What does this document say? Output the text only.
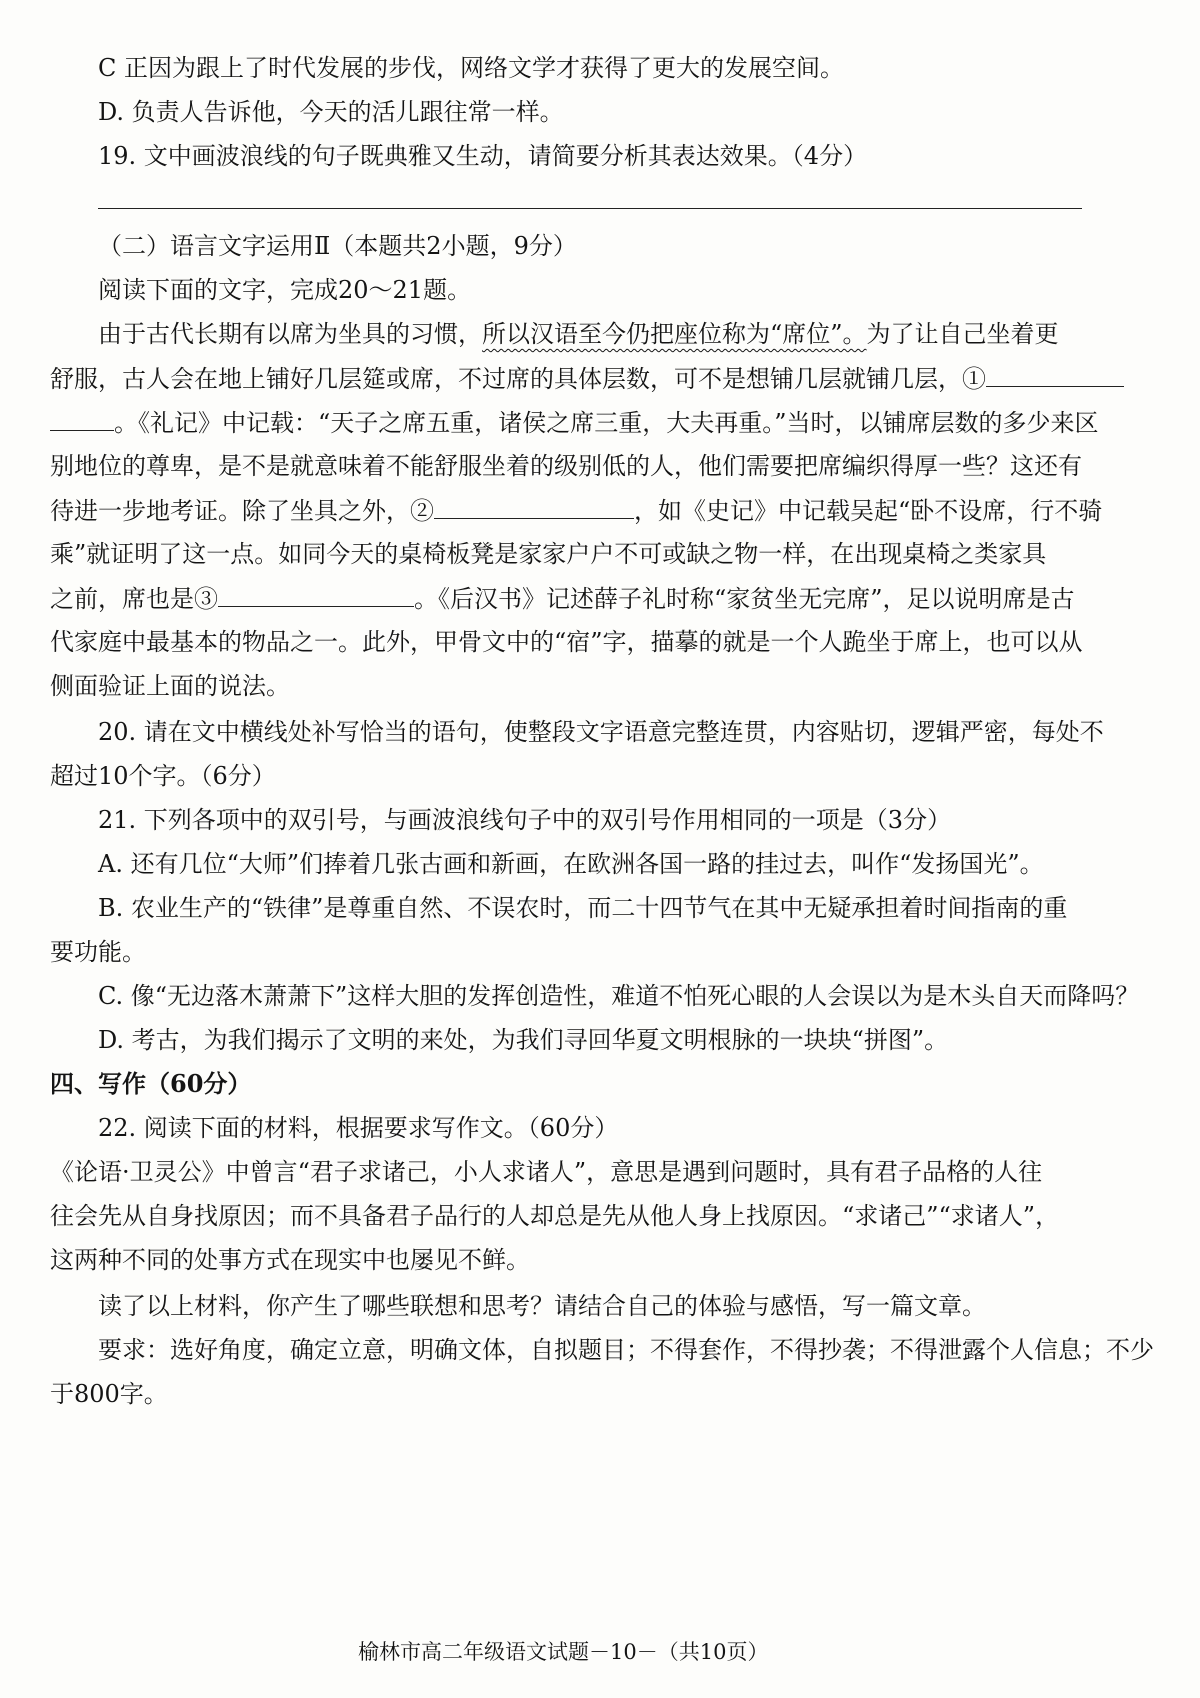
C 正因为跟上了时代发展的步伐，网络文学才获得了更大的发展空间。
D. 负责人告诉他，今天的活儿跟往常一样。
19. 文中画波浪线的句子既典雅又生动，请简要分析其表达效果。（4分）
（二）语言文字运用Ⅱ（本题共2小题，9分）
阅读下面的文字，完成20～21题。
由于古代长期有以席为坐具的习惯，所以汉语至今仍把座位称为“席位”。为了让自己坐着更
舒服，古人会在地上铺好几层筵或席，不过席的具体层数，可不是想铺几层就铺几层，①
。《礼记》中记载：“天子之席五重，诸侯之席三重，大夫再重。”当时，以铺席层数的多少来区
别地位的尊卑，是不是就意味着不能舒服坐着的级别低的人，他们需要把席编织得厚一些？这还有
待进一步地考证。除了坐具之外，②	，如《史记》中记载吴起“卧不设席，行不骑
乘”就证明了这一点。如同今天的桌椅板凳是家家户户不可或缺之物一样，在出现桌椅之类家具
之前，席也是③	。《后汉书》记述薛子礼时称“家贫坐无完席”，足以说明席是古
代家庭中最基本的物品之一。此外，甲骨文中的“宿”字，描摹的就是一个人跪坐于席上，也可以从
侧面验证上面的说法。
20. 请在文中横线处补写恰当的语句，使整段文字语意完整连贯，内容贴切，逻辑严密，每处不
超过10个字。（6分）
21. 下列各项中的双引号，与画波浪线句子中的双引号作用相同的一项是（3分）
A. 还有几位“大师”们捧着几张古画和新画，在欧洲各国一路的挂过去，叫作“发扬国光”。
B. 农业生产的“铁律”是尊重自然、不误农时，而二十四节气在其中无疑承担着时间指南的重
要功能。
C. 像“无边落木萧萧下”这样大胆的发挥创造性，难道不怕死心眼的人会误以为是木头自天而降吗？
D. 考古，为我们揭示了文明的来处，为我们寻回华夏文明根脉的一块块“拼图”。
四、写作（60分）
22. 阅读下面的材料，根据要求写作文。（60分）
《论语·卫灵公》中曾言“君子求诸己，小人求诸人”，意思是遇到问题时，具有君子品格的人往
往会先从自身找原因；而不具备君子品行的人却总是先从他人身上找原因。“求诸己”“求诸人”，
这两种不同的处事方式在现实中也屡见不鲜。
读了以上材料，你产生了哪些联想和思考？请结合自己的体验与感悟，写一篇文章。
要求：选好角度，确定立意，明确文体，自拟题目；不得套作，不得抄袭；不得泄露个人信息；不少
于800字。
榆林市高二年级语文试题－10－（共10页）
